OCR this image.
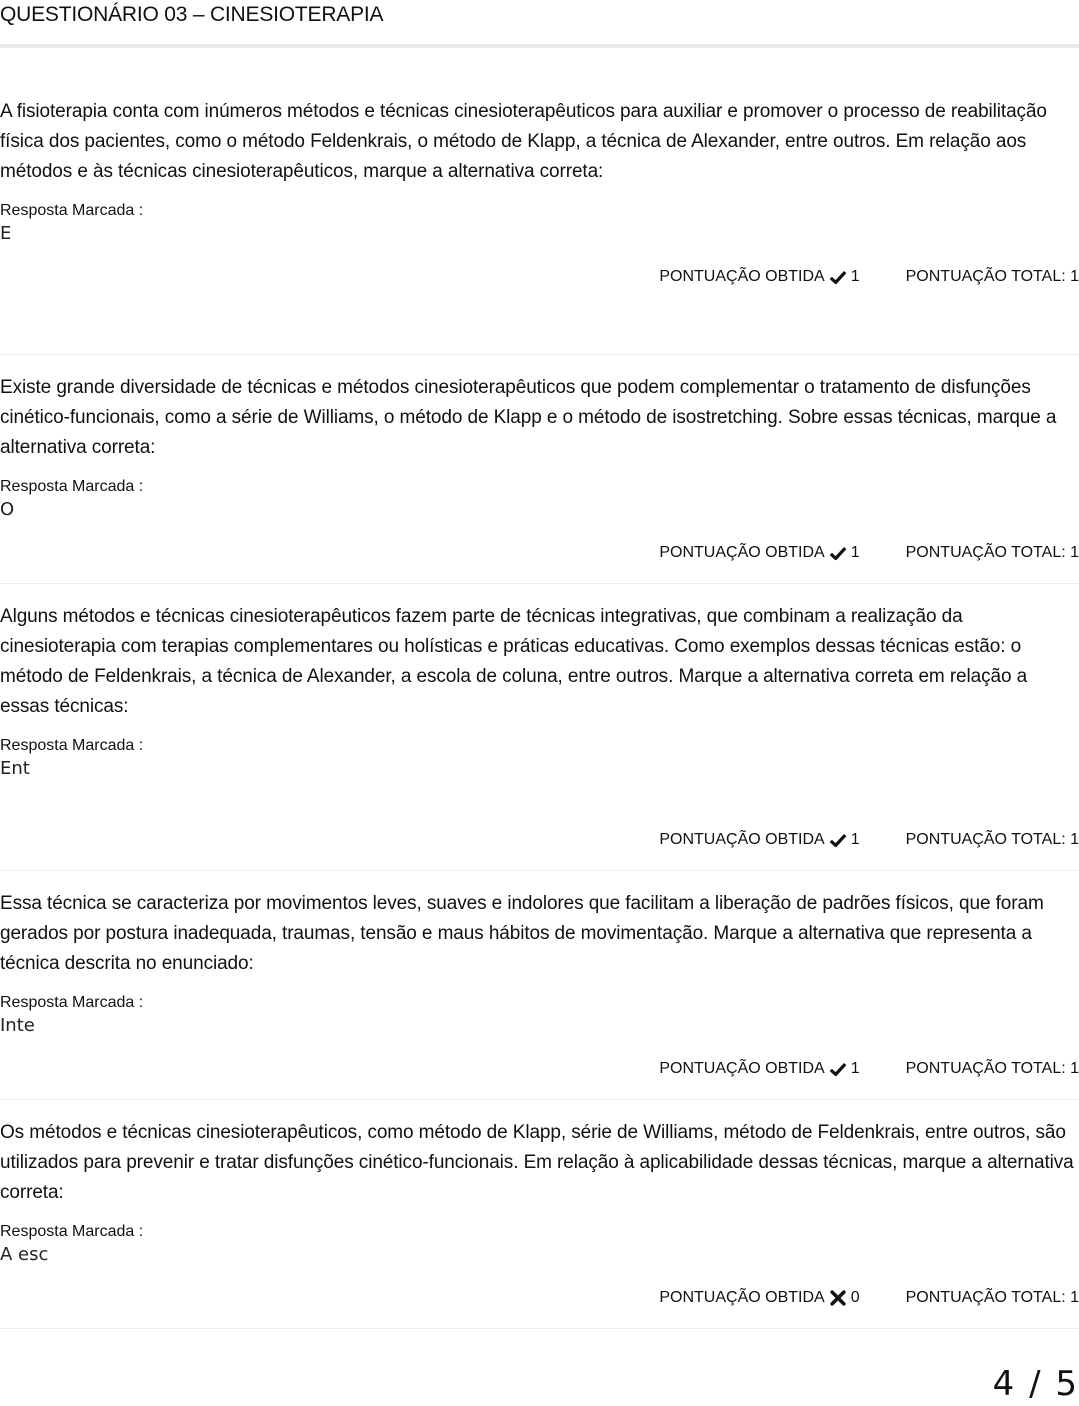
QUESTIONÁRIO 03 – CINESIOTERAPIA

A fisioterapia conta com inúmeros métodos e técnicas cinesioterapêuticos para auxiliar e promover o processo de reabilitação física dos pacientes, como o método Feldenkrais, o método de Klapp, a técnica de Alexander, entre outros. Em relação aos métodos e às técnicas cinesioterapêuticos, marque a alternativa correta:

Resposta Marcada :
E
PONTUAÇÃO OBTIDA 1	PONTUAÇÃO TOTAL: 1

Existe grande diversidade de técnicas e métodos cinesioterapêuticos que podem complementar o tratamento de disfunções cinético-funcionais, como a série de Williams, o método de Klapp e o método de isostretching. Sobre essas técnicas, marque a alternativa correta:

Resposta Marcada :
O
PONTUAÇÃO OBTIDA 1	PONTUAÇÃO TOTAL: 1

Alguns métodos e técnicas cinesioterapêuticos fazem parte de técnicas integrativas, que combinam a realização da cinesioterapia com terapias complementares ou holísticas e práticas educativas. Como exemplos dessas técnicas estão: o método de Feldenkrais, a técnica de Alexander, a escola de coluna, entre outros. Marque a alternativa correta em relação a essas técnicas:

Resposta Marcada :
Ent
PONTUAÇÃO OBTIDA 1	PONTUAÇÃO TOTAL: 1

Essa técnica se caracteriza por movimentos leves, suaves e indolores que facilitam a liberação de padrões físicos, que foram gerados por postura inadequada, traumas, tensão e maus hábitos de movimentação. Marque a alternativa que representa a técnica descrita no enunciado:

Resposta Marcada :
Inte
PONTUAÇÃO OBTIDA 1	PONTUAÇÃO TOTAL: 1

Os métodos e técnicas cinesioterapêuticos, como método de Klapp, série de Williams, método de Feldenkrais, entre outros, são utilizados para prevenir e tratar disfunções cinético-funcionais. Em relação à aplicabilidade dessas técnicas, marque a alternativa correta:

Resposta Marcada :
A esc
PONTUAÇÃO OBTIDA 0	PONTUAÇÃO TOTAL: 1
4 / 5
